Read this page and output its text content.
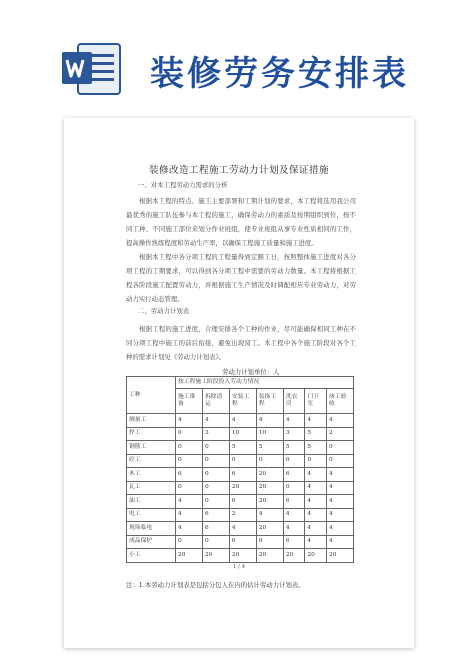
装修劳务安排表
装修改造工程施工劳动力计划及保证措施
一、对本工程劳动力需求的分析
根据本工程的特点、施工主要部署和工期计划的要求，本工程将选用我公司最优秀的施工队伍参与本工程的施工，确保劳动力的素质及按期组织到位，按不同工种、不同施工部位来划分作业班组，使专业班组从事专业性质相同的工作，提高操作熟练程度和劳动生产率，以确保工程施工质量和施工进度。
根据本工程中各分项工程的工程量得到定额工日，按照整体施工进度对各分项工程的工期要求，可以得到各分项工程中需要的劳动力数量。本工程将根据工程各阶段施工配置劳动力，并根据施工生产情况及时调配相应专业劳动力，对劳动力实行动态管理。
二、劳动力计划表
根据工程的施工进度，合理安排各个工种的作业，尽可能确保相同工种在不同分项工程中施工的前后衔接，避免出现窝工。本工程中各个施工阶段对各个工种的需求计划见《劳动力计划表》。
劳动力计划单位：人
工种	按工程施工阶段投入劳动力情况						
	施工准备	拆除清运	安装工程	装饰工程	洗衣房	门卫室	竣工验收
测量工	4	4	4	4	4	4	4
焊工	0	3	10	10	3	5	2
钢筋工	0	0	5	5	5	5	0
砼工	0	0	0	0	0	0	0
木工	6	0	6	20	6	4	4
瓦工	0	0	20	20	0	4	4
油工	4	0	6	20	6	4	4
电工	4	6	2	4	4	4	4
现场临电	4	6	4	20	4	4	4
成品保护	0	0	6	6	6	4	4
小工	20	20	20	20	20	20	20
1 / 4
注：1.本劳动力计划表是包括分包人在内的估计劳动力计划表。
